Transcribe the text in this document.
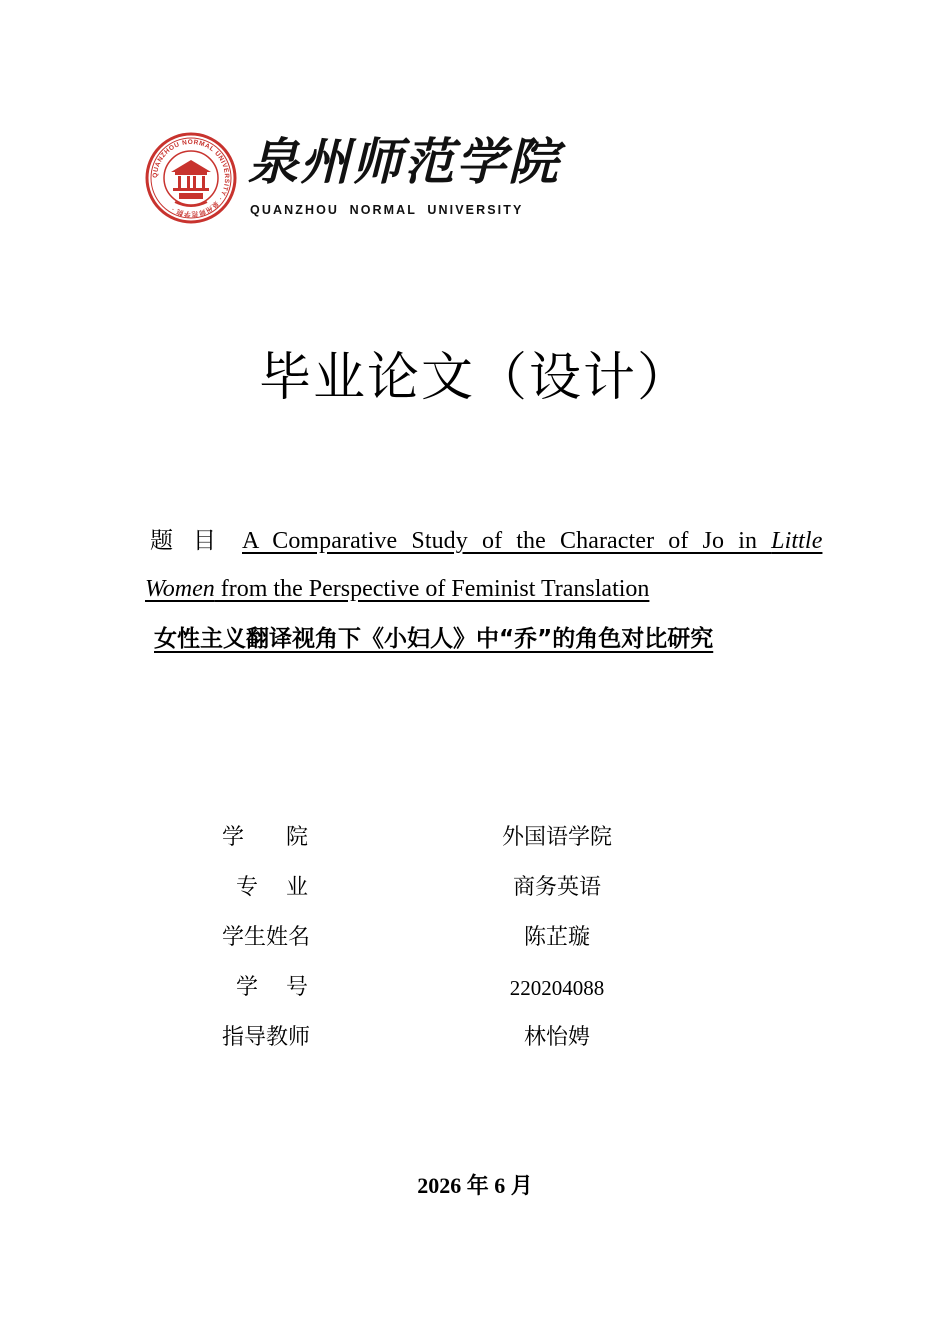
QUANZHOU NORMAL UNIVERSITY · 泉州师范学院 ·
泉州师范学院
QUANZHOU NORMAL UNIVERSITY
毕业论文（设计）
题目 A Comparative Study of the Character of Jo in Little
Women from the Perspective of Feminist Translation
女性主义翻译视角下《小妇人》中“乔”的角色对比研究
学      院	外国语学院
专    业	商务英语
学生姓名	陈芷璇
学    号	220204088
指导教师	林怡娉
2026 年 6 月
